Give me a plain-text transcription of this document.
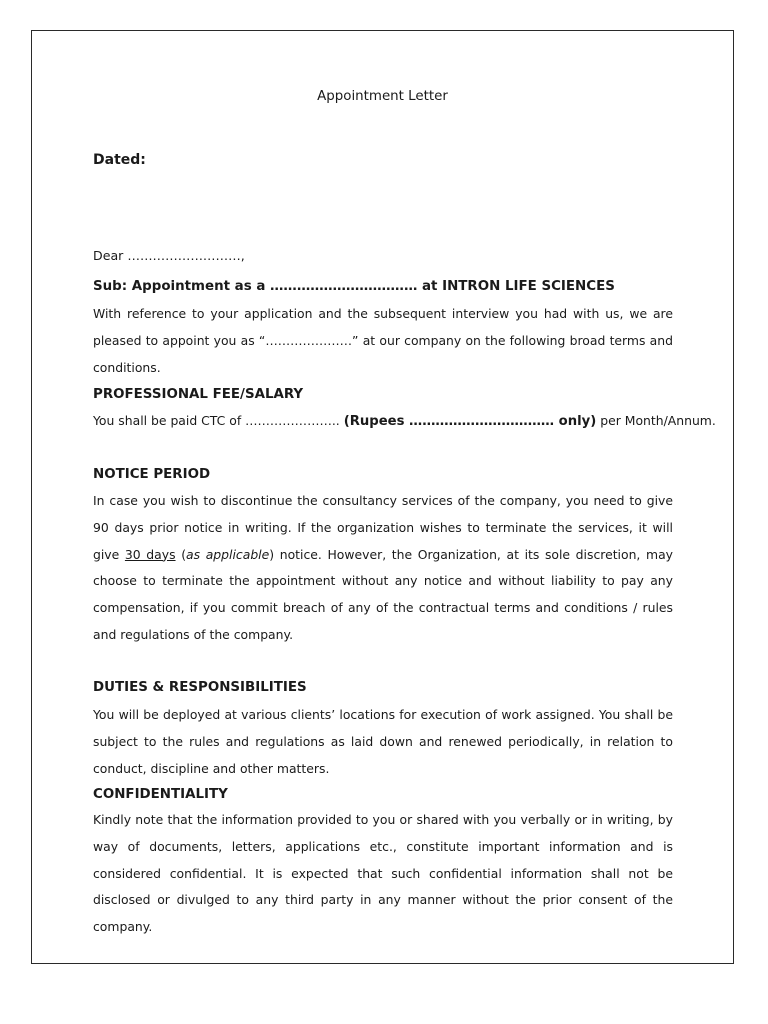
Appointment Letter
Dated:
Dear ………………………,
Sub: Appointment as a …………………………… at INTRON LIFE SCIENCES
With reference to your application and the subsequent interview you had with us, we are pleased to appoint you as “…………………” at our company on the following broad terms and conditions.
PROFESSIONAL FEE/SALARY
You shall be paid CTC of ………………….. (Rupees …………………………… only) per Month/Annum.
NOTICE PERIOD
In case you wish to discontinue the consultancy services of the company, you need to give 90 days prior notice in writing. If the organization wishes to terminate the services, it will give 30 days (as applicable) notice. However, the Organization, at its sole discretion, may choose to terminate the appointment without any notice and without liability to pay any compensation, if you commit breach of any of the contractual terms and conditions / rules and regulations of the company.
DUTIES & RESPONSIBILITIES
You will be deployed at various clients’ locations for execution of work assigned. You shall be subject to the rules and regulations as laid down and renewed periodically, in relation to conduct, discipline and other matters.
CONFIDENTIALITY
Kindly note that the information provided to you or shared with you verbally or in writing, by way of documents, letters, applications etc., constitute important information and is considered confidential. It is expected that such confidential information shall not be disclosed or divulged to any third party in any manner without the prior consent of the company.
